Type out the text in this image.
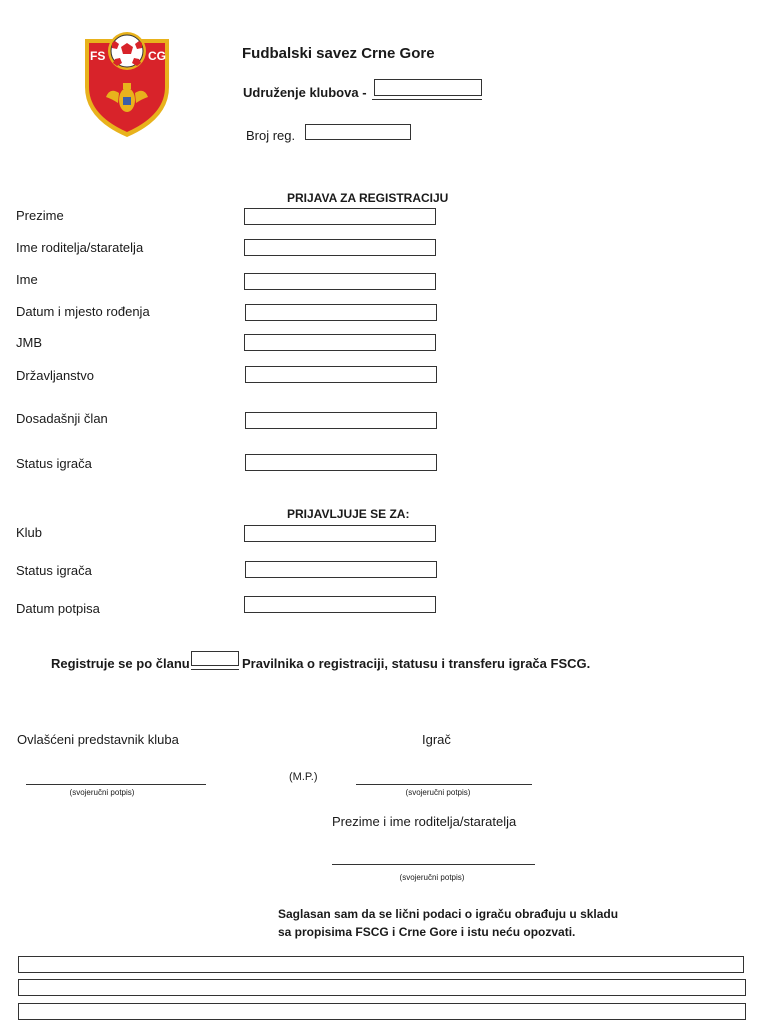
FS	CG	Fudbalski savez Crne Gore
Udruženje klubova -
Broj reg.
PRIJAVA ZA REGISTRACIJU
Prezime
Ime roditelja/staratelja
Ime
Datum i mjesto rođenja
JMB
Državljanstvo
Dosadašnji član
Status igrača
PRIJAVLJUJE SE ZA:
Klub
Status igrača
Datum potpisa
Registruje se po članu	Pravilnika o registraciji, statusu i transferu igrača FSCG.
Ovlašćeni predstavnik kluba	Igrač
(svojeručni potpis)
(M.P.)
(svojeručni potpis)
Prezime i ime roditelja/staratelja
(svojeručni potpis)
Saglasan sam da se lični podaci o igraču obrađuju u skladu
sa propisima FSCG i Crne Gore i istu neću opozvati.
